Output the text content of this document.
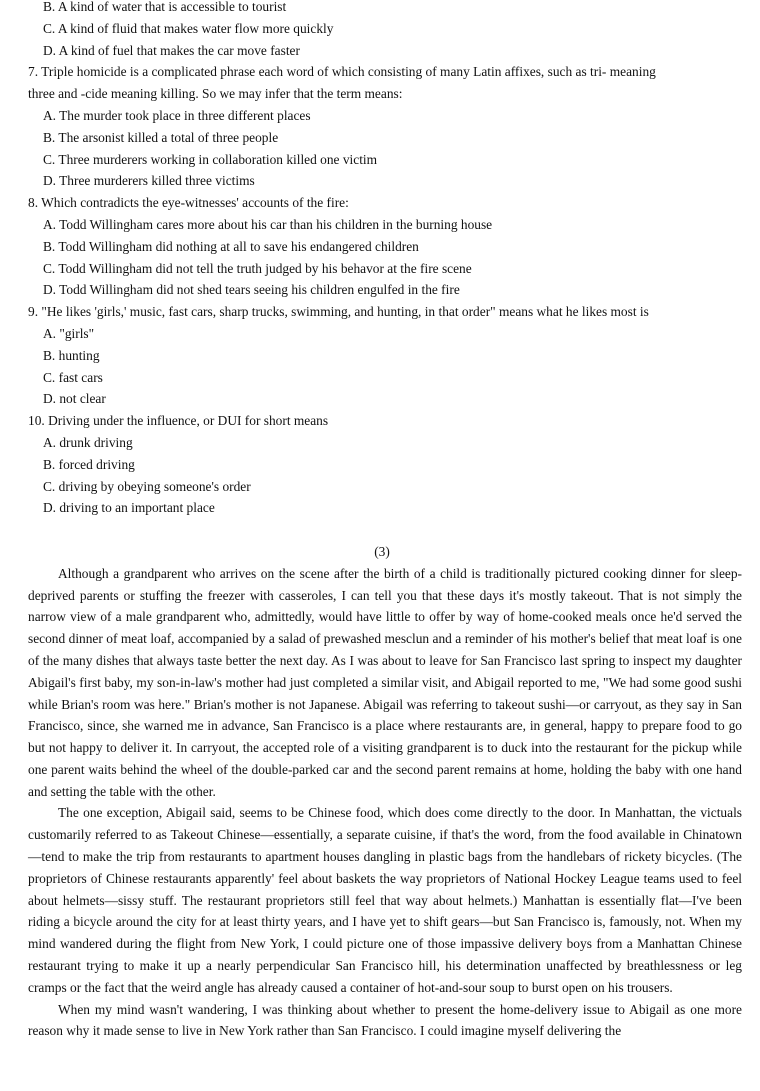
B. A kind of water that is accessible to tourist
C. A kind of fluid that makes water flow more quickly
D. A kind of fuel that makes the car move faster
7. Triple homicide is a complicated phrase each word of which consisting of many Latin affixes, such as tri- meaning
three and -cide meaning killing. So we may infer that the term means:
A. The murder took place in three different places
B. The arsonist killed a total of three people
C. Three murderers working in collaboration killed one victim
D. Three murderers killed three victims
8. Which contradicts the eye-witnesses' accounts of the fire:
A. Todd Willingham cares more about his car than his children in the burning house
B. Todd Willingham did nothing at all to save his endangered children
C. Todd Willingham did not tell the truth judged by his behavor at the fire scene
D. Todd Willingham did not shed tears seeing his children engulfed in the fire
9. "He likes 'girls,' music, fast cars, sharp trucks, swimming, and hunting, in that order" means what he likes most is
A. "girls"
B. hunting
C. fast cars
D. not clear
10. Driving under the influence, or DUI for short means
A. drunk driving
B. forced driving
C. driving by obeying someone's order
D. driving to an important place
(3)

Although a grandparent who arrives on the scene after the birth of a child is traditionally pictured cooking dinner for sleep-deprived parents or stuffing the freezer with casseroles, I can tell you that these days it's mostly takeout. That is not simply the narrow view of a male grandparent who, admittedly, would have little to offer by way of home-cooked meals once he'd served the second dinner of meat loaf, accompanied by a salad of prewashed mesclun and a reminder of his mother's belief that meat loaf is one of the many dishes that always taste better the next day. As I was about to leave for San Francisco last spring to inspect my daughter Abigail's first baby, my son-in-law's mother had just completed a similar visit, and Abigail reported to me, "We had some good sushi while Brian's room was here." Brian's mother is not Japanese. Abigail was referring to takeout sushi—or carryout, as they say in San Francisco, since, she warned me in advance, San Francisco is a place where restaurants are, in general, happy to prepare food to go but not happy to deliver it. In carryout, the accepted role of a visiting grandparent is to duck into the restaurant for the pickup while one parent waits behind the wheel of the double-parked car and the second parent remains at home, holding the baby with one hand and setting the table with the other.

The one exception, Abigail said, seems to be Chinese food, which does come directly to the door. In Manhattan, the victuals customarily referred to as Takeout Chinese—essentially, a separate cuisine, if that's the word, from the food available in Chinatown—tend to make the trip from restaurants to apartment houses dangling in plastic bags from the handlebars of rickety bicycles. (The proprietors of Chinese restaurants apparently' feel about baskets the way proprietors of National Hockey League teams used to feel about helmets—sissy stuff. The restaurant proprietors still feel that way about helmets.) Manhattan is essentially flat—I've been riding a bicycle around the city for at least thirty years, and I have yet to shift gears—but San Francisco is, famously, not. When my mind wandered during the flight from New York, I could picture one of those impassive delivery boys from a Manhattan Chinese restaurant trying to make it up a nearly perpendicular San Francisco hill, his determination unaffected by breathlessness or leg cramps or the fact that the weird angle has already caused a container of hot-and-sour soup to burst open on his trousers.

When my mind wasn't wandering, I was thinking about whether to present the home-delivery issue to Abigail as one more reason why it made sense to live in New York rather than San Francisco. I could imagine myself delivering the
